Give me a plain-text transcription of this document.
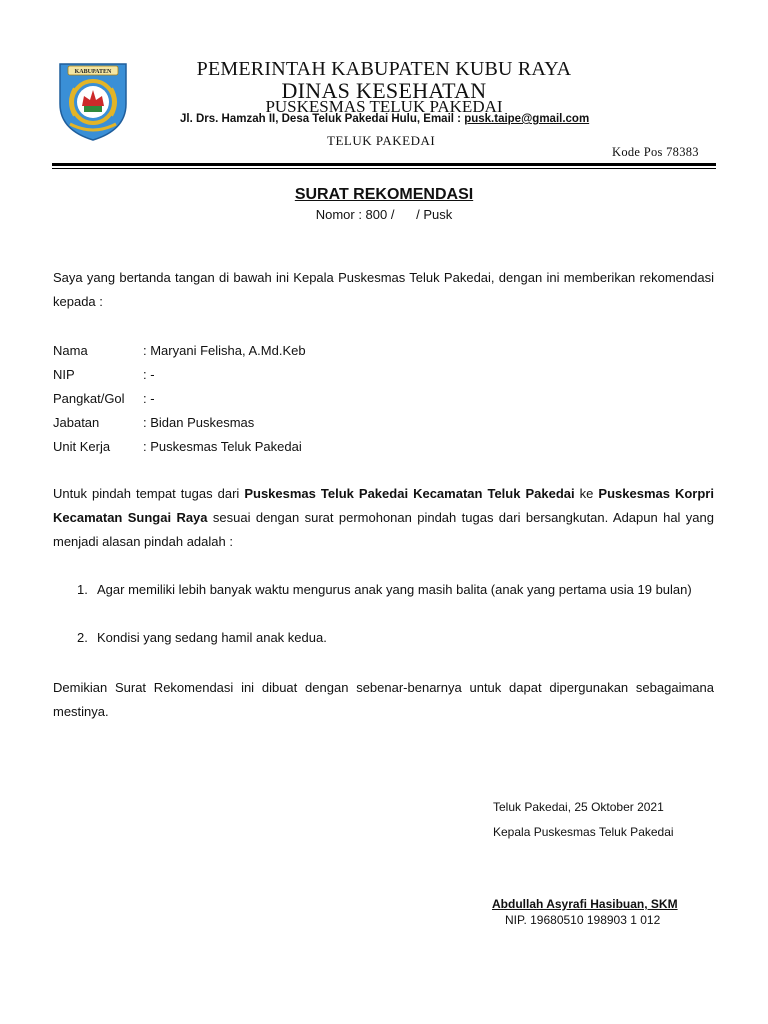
KABUPATEN	PEMERINTAH KABUPATEN KUBU RAYA
DINAS KESEHATAN
PUSKESMAS TELUK PAKEDAI
Jl. Drs. Hamzah II, Desa Teluk Pakedai Hulu, Email : pusk.taipe@gmail.com
TELUK PAKEDAI
Kode Pos 78383
SURAT REKOMENDASI
Nomor : 800 /      / Pusk
Saya yang bertanda tangan di bawah ini Kepala Puskesmas Teluk Pakedai, dengan ini memberikan rekomendasi kepada :
Nama	: Maryani Felisha, A.Md.Keb
NIP	: -
Pangkat/Gol : -
Jabatan	: Bidan Puskesmas
Unit Kerja	: Puskesmas Teluk Pakedai
Untuk pindah tempat tugas dari Puskesmas Teluk Pakedai Kecamatan Teluk Pakedai ke Puskesmas Korpri Kecamatan Sungai Raya sesuai dengan surat permohonan pindah tugas dari bersangkutan. Adapun hal yang menjadi alasan pindah adalah :
1. Agar memiliki lebih banyak waktu mengurus anak yang masih balita (anak yang pertama usia 19 bulan)
2. Kondisi yang sedang hamil anak kedua.
Demikian Surat Rekomendasi ini dibuat dengan sebenar-benarnya untuk dapat dipergunakan sebagaimana mestinya.
Teluk Pakedai, 25 Oktober 2021
Kepala Puskesmas Teluk Pakedai
Abdullah Asyrafi Hasibuan, SKM
NIP. 19680510 198903 1 012
